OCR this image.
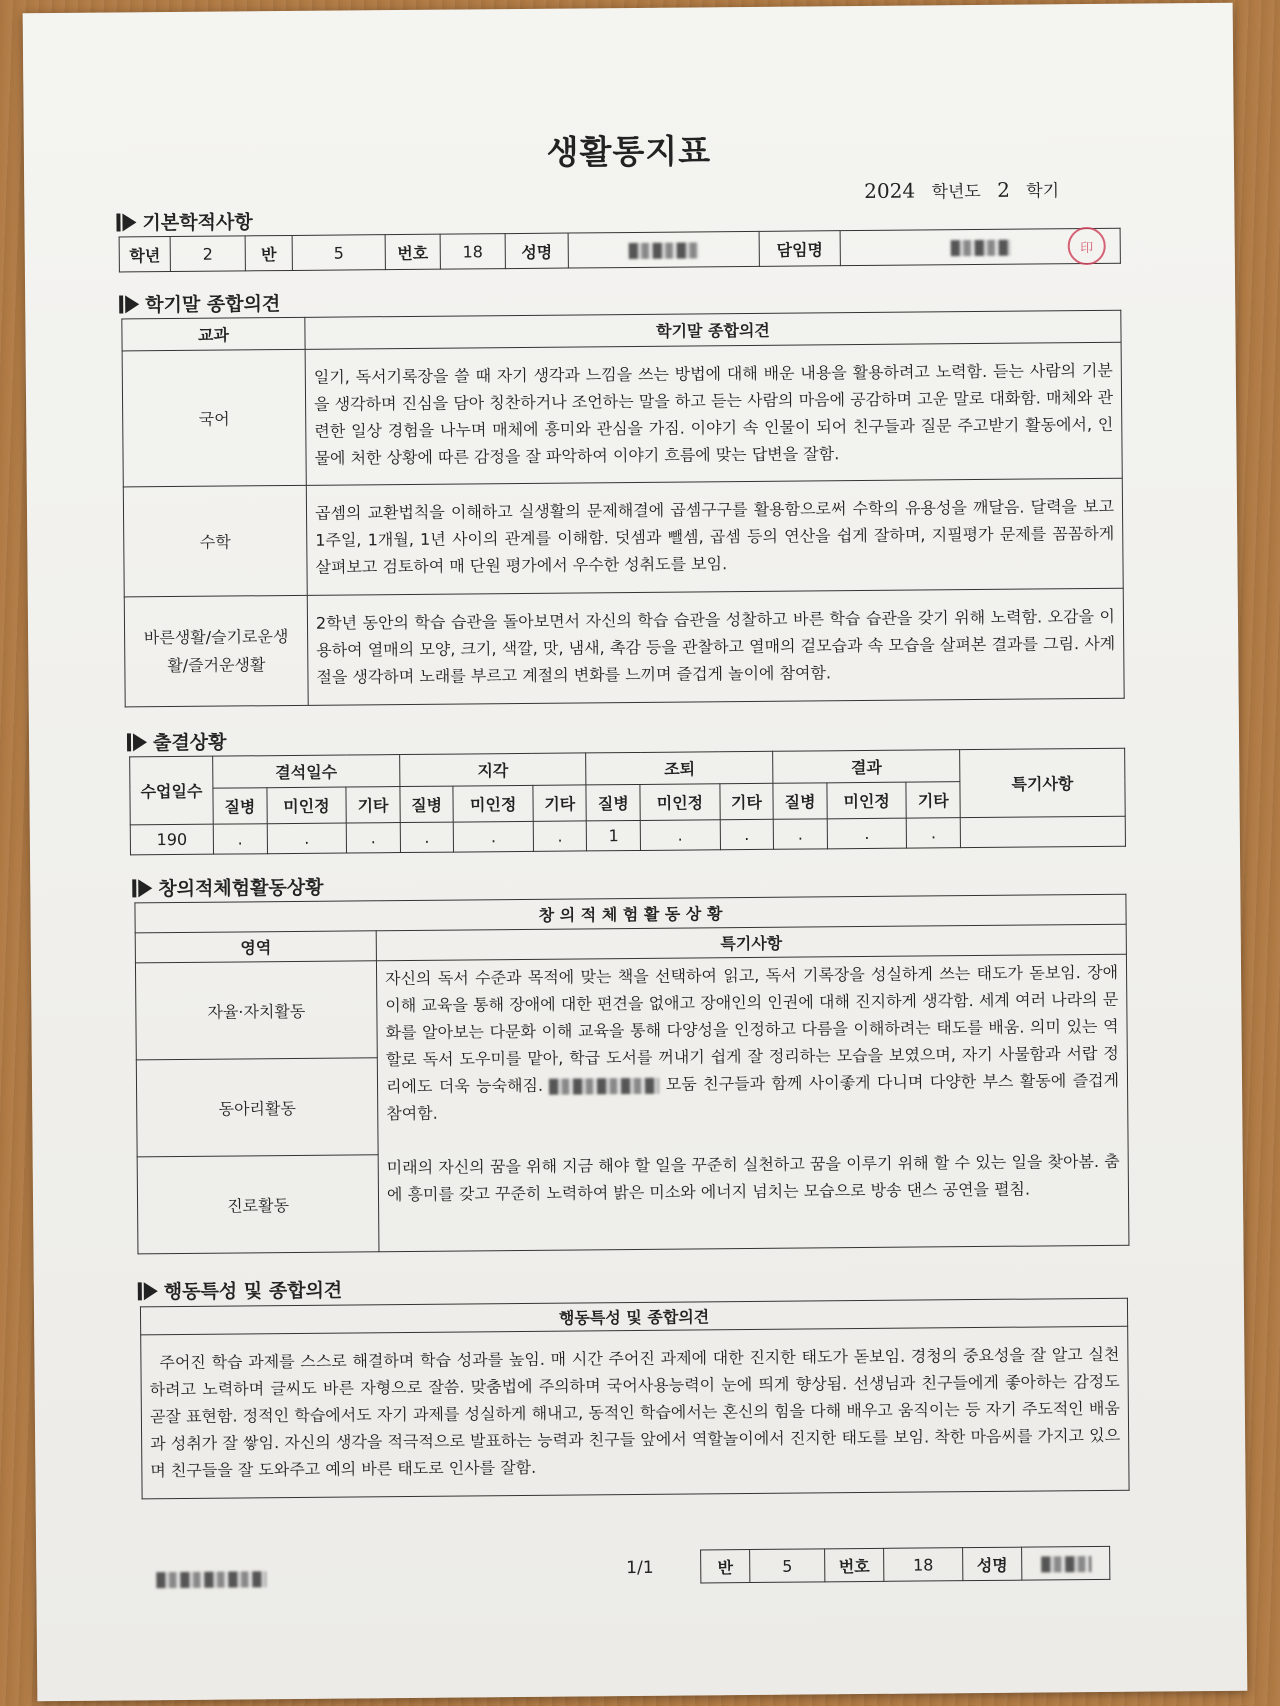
생활통지표
2024 학년도 2 학기
기본학적사항
학년	2	반	5	번호	18	성명		담임명	印
학기말 종합의견
교과	학기말 종합의견
국어	일기, 독서기록장을 쓸 때 자기 생각과 느낌을 쓰는 방법에 대해 배운 내용을 활용하려고 노력함. 듣는 사람의 기분을 생각하며 진심을 담아 칭찬하거나 조언하는 말을 하고 듣는 사람의 마음에 공감하며 고운 말로 대화함. 매체와 관련한 일상 경험을 나누며 매체에 흥미와 관심을 가짐. 이야기 속 인물이 되어 친구들과 질문 주고받기 활동에서, 인물에 처한 상황에 따른 감정을 잘 파악하여 이야기 흐름에 맞는 답변을 잘함.
수학	곱셈의 교환법칙을 이해하고 실생활의 문제해결에 곱셈구구를 활용함으로써 수학의 유용성을 깨달음. 달력을 보고 1주일, 1개월, 1년 사이의 관계를 이해함. 덧셈과 뺄셈, 곱셈 등의 연산을 쉽게 잘하며, 지필평가 문제를 꼼꼼하게 살펴보고 검토하여 매 단원 평가에서 우수한 성취도를 보임.
바른생활/슬기로운생활/즐거운생활	2학년 동안의 학습 습관을 돌아보면서 자신의 학습 습관을 성찰하고 바른 학습 습관을 갖기 위해 노력함. 오감을 이용하여 열매의 모양, 크기, 색깔, 맛, 냄새, 촉감 등을 관찰하고 열매의 겉모습과 속 모습을 살펴본 결과를 그림. 사계절을 생각하며 노래를 부르고 계절의 변화를 느끼며 즐겁게 놀이에 참여함.
출결상황
수업일수	결석일수			지각			조퇴			결과			특기사항
	질병	미인정	기타	질병	미인정	기타	질병	미인정	기타	질병	미인정	기타	
190	.	.	.	.	.	.	1	.	.	.	.	.	
창의적체험활동상황
창 의 적 체 험 활 동 상 황	
영역	특기사항
자율·자치활동	자신의 독서 수준과 목적에 맞는 책을 선택하여 읽고, 독서 기록장을 성실하게 쓰는 태도가 돋보임. 장애 이해 교육을 통해 장애에 대한 편견을 없애고 장애인의 인권에 대해 진지하게 생각함. 세계 여러 나라의 문화를 알아보는 다문화 이해 교육을 통해 다양성을 인정하고 다름을 이해하려는 태도를 배움. 의미 있는 역할로 독서 도우미를 맡아, 학급 도서를 꺼내기 쉽게 잘 정리하는 모습을 보였으며, 자기 사물함과 서랍 정리에도 더욱 능숙해짐. 모둠 친구들과 함께 사이좋게 다니며 다양한 부스 활동에 즐겁게 참여함.
미래의 자신의 꿈을 위해 지금 해야 할 일을 꾸준히 실천하고 꿈을 이루기 위해 할 수 있는 일을 찾아봄. 춤에 흥미를 갖고 꾸준히 노력하여 밝은 미소와 에너지 넘치는 모습으로 방송 댄스 공연을 펼침.
동아리활동	
진로활동	
행동특성 및 종합의견
행동특성 및 종합의견
주어진 학습 과제를 스스로 해결하며 학습 성과를 높임. 매 시간 주어진 과제에 대한 진지한 태도가 돋보임. 경청의 중요성을 잘 알고 실천하려고 노력하며 글씨도 바른 자형으로 잘씀. 맞춤법에 주의하며 국어사용능력이 눈에 띄게 향상됨. 선생님과 친구들에게 좋아하는 감정도 곧잘 표현함. 정적인 학습에서도 자기 과제를 성실하게 해내고, 동적인 학습에서는 혼신의 힘을 다해 배우고 움직이는 등 자기 주도적인 배움과 성취가 잘 쌓임. 자신의 생각을 적극적으로 발표하는 능력과 친구들 앞에서 역할놀이에서 진지한 태도를 보임. 착한 마음씨를 가지고 있으며 친구들을 잘 도와주고 예의 바른 태도로 인사를 잘함.
1/1	반	5	번호	18	성명	
